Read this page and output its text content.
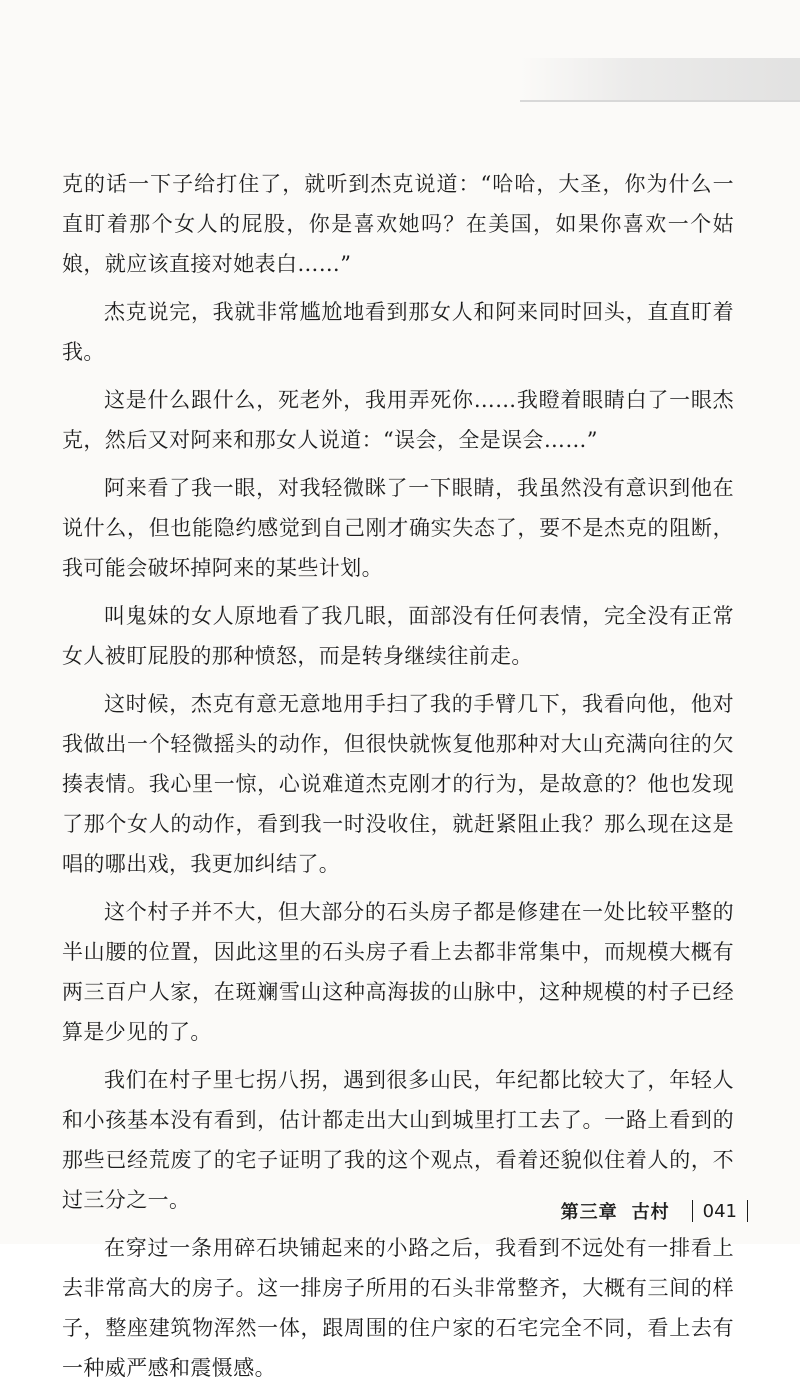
克的话一下子给打住了，就听到杰克说道：“哈哈，大圣，你为什么一直盯着那个女人的屁股，你是喜欢她吗？在美国，如果你喜欢一个姑娘，就应该直接对她表白……”

杰克说完，我就非常尴尬地看到那女人和阿来同时回头，直直盯着我。

这是什么跟什么，死老外，我用弄死你……我瞪着眼睛白了一眼杰克，然后又对阿来和那女人说道：“误会，全是误会……”

阿来看了我一眼，对我轻微眯了一下眼睛，我虽然没有意识到他在说什么，但也能隐约感觉到自己刚才确实失态了，要不是杰克的阻断，我可能会破坏掉阿来的某些计划。

叫鬼妹的女人原地看了我几眼，面部没有任何表情，完全没有正常女人被盯屁股的那种愤怒，而是转身继续往前走。

这时候，杰克有意无意地用手扫了我的手臂几下，我看向他，他对我做出一个轻微摇头的动作，但很快就恢复他那种对大山充满向往的欠揍表情。我心里一惊，心说难道杰克刚才的行为，是故意的？他也发现了那个女人的动作，看到我一时没收住，就赶紧阻止我？那么现在这是唱的哪出戏，我更加纠结了。

这个村子并不大，但大部分的石头房子都是修建在一处比较平整的半山腰的位置，因此这里的石头房子看上去都非常集中，而规模大概有两三百户人家，在斑斓雪山这种高海拔的山脉中，这种规模的村子已经算是少见的了。

我们在村子里七拐八拐，遇到很多山民，年纪都比较大了，年轻人和小孩基本没有看到，估计都走出大山到城里打工去了。一路上看到的那些已经荒废了的宅子证明了我的这个观点，看着还貌似住着人的，不过三分之一。

在穿过一条用碎石块铺起来的小路之后，我看到不远处有一排看上去非常高大的房子。这一排房子所用的石头非常整齐，大概有三间的样子，整座建筑物浑然一体，跟周围的住户家的石宅完全不同，看上去有一种威严感和震慑感。

第三章 古村 041
